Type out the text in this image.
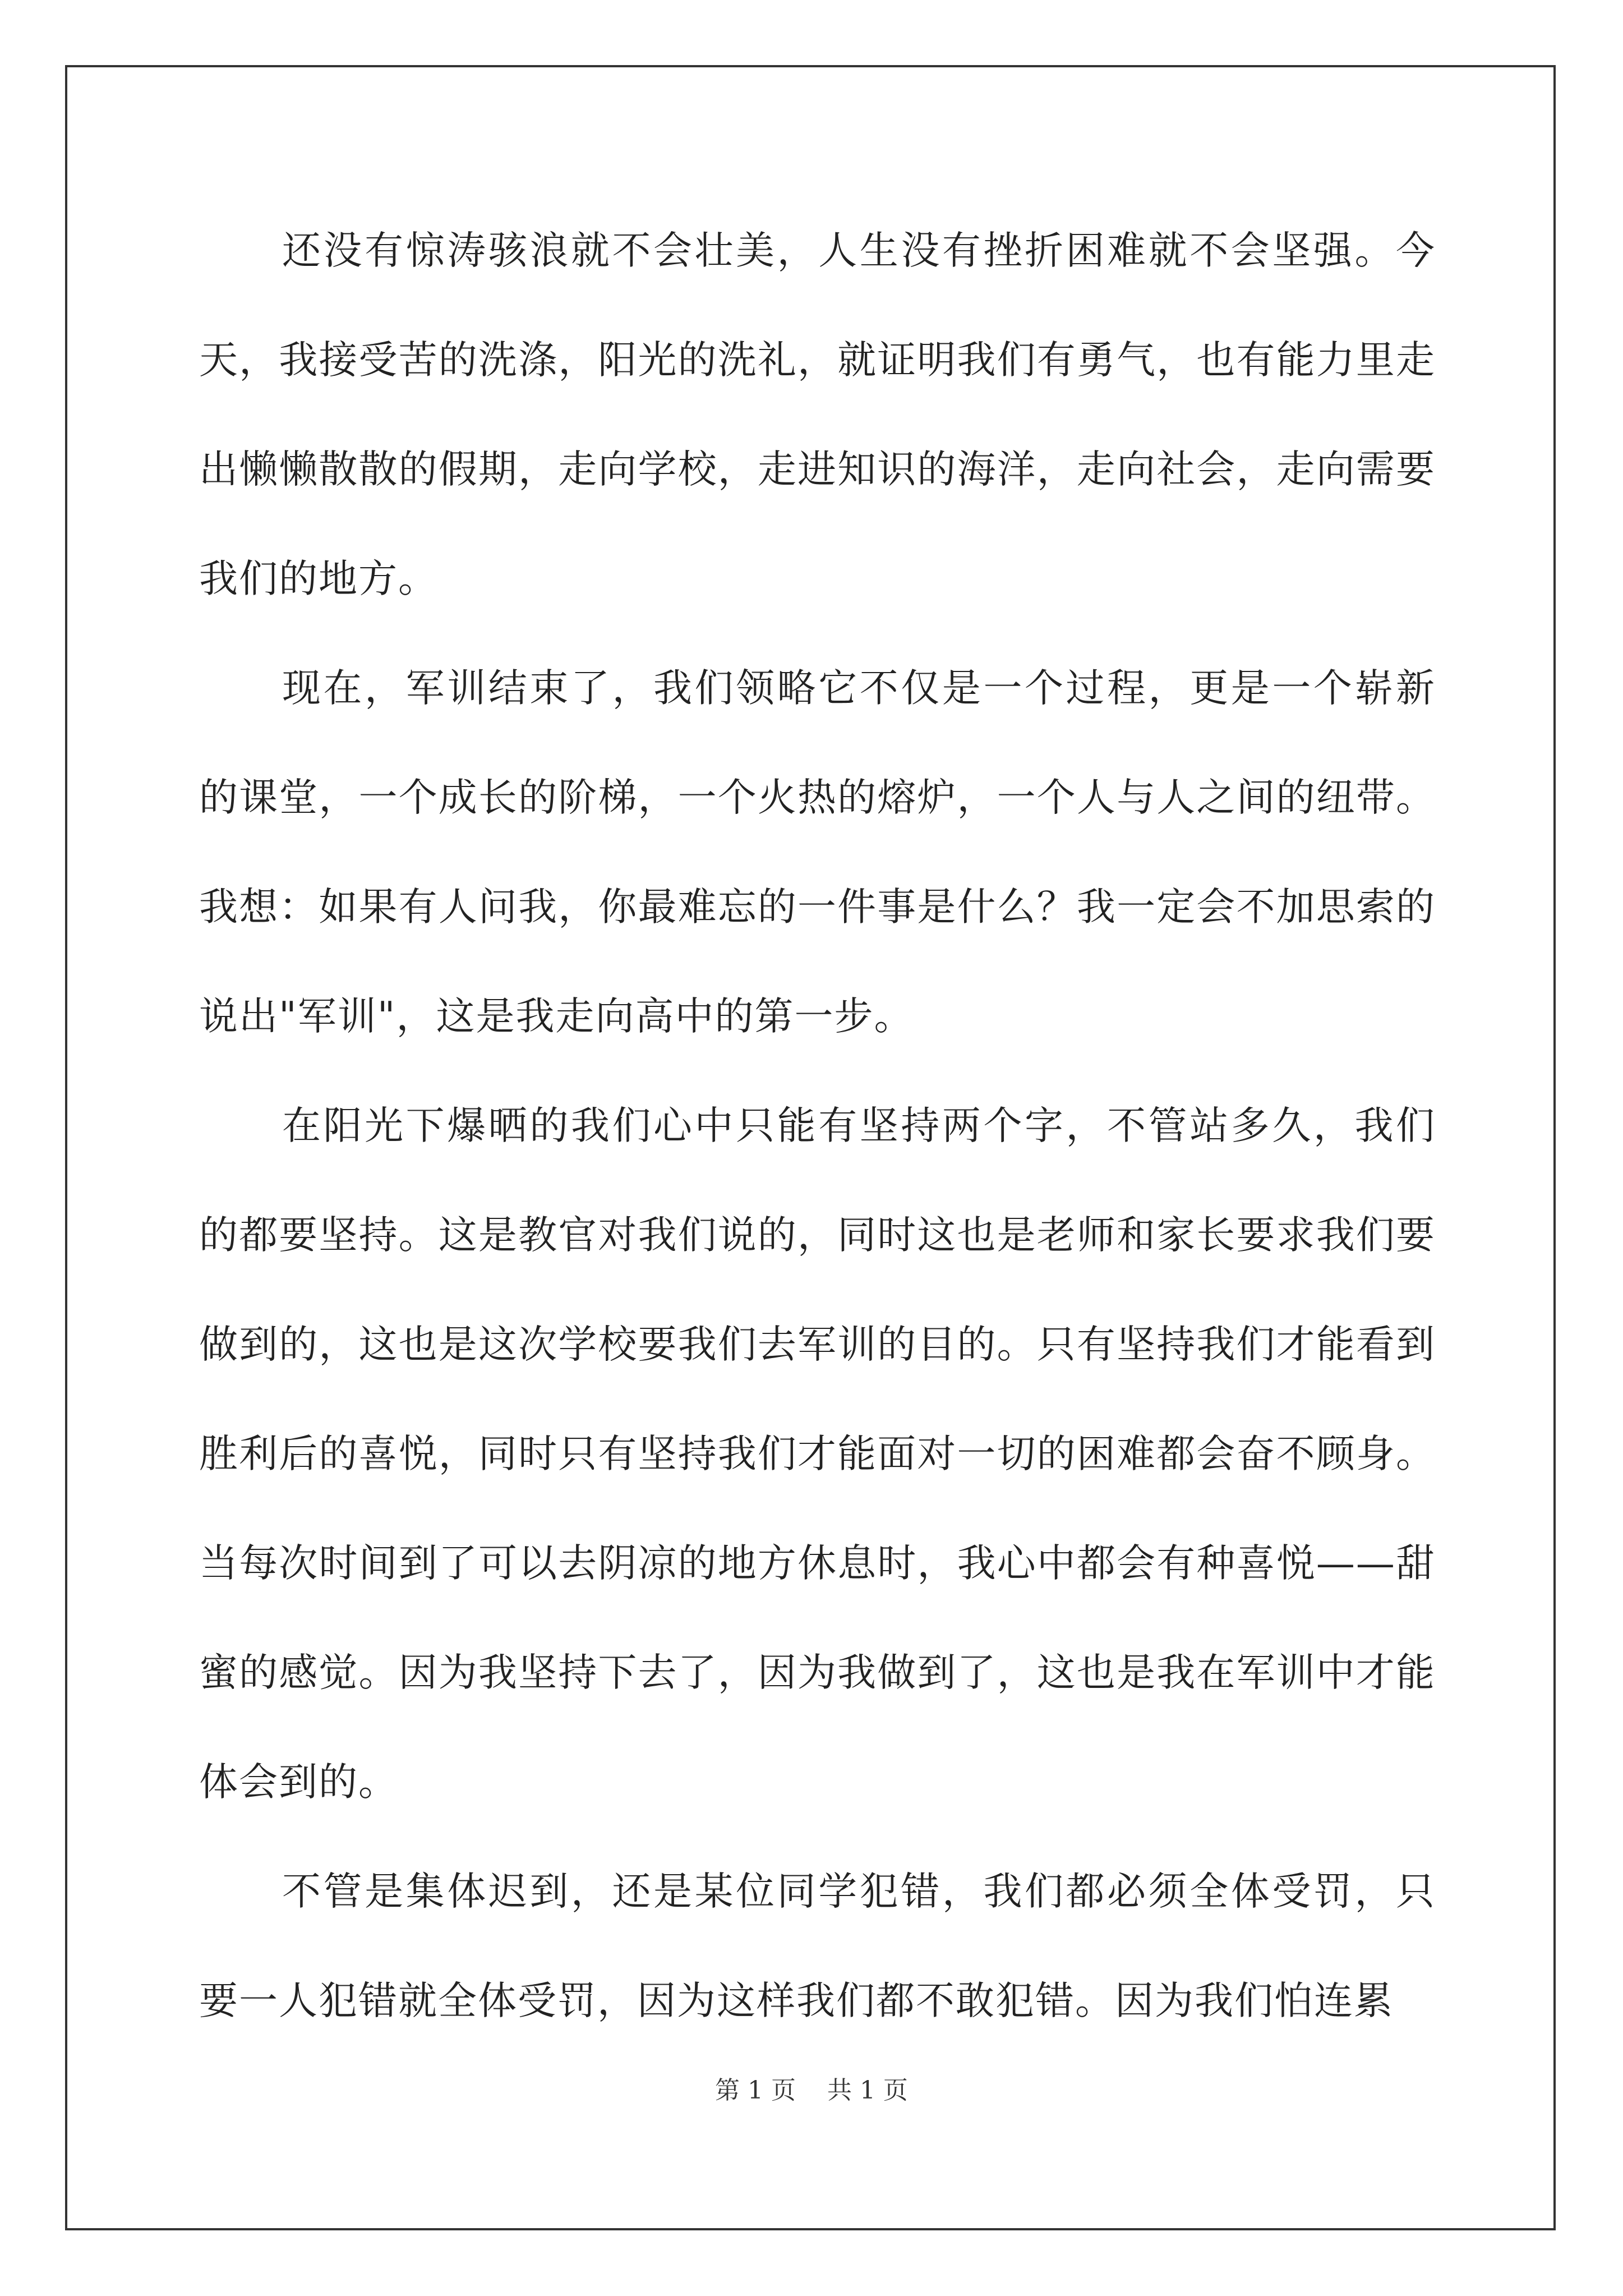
还没有惊涛骇浪就不会壮美，人生没有挫折困难就不会坚强。今天，我接受苦的洗涤，阳光的洗礼，就证明我们有勇气，也有能力里走出懒懒散散的假期，走向学校，走进知识的海洋，走向社会，走向需要我们的地方。

现在，军训结束了，我们领略它不仅是一个过程，更是一个崭新的课堂，一个成长的阶梯，一个火热的熔炉，一个人与人之间的纽带。我想：如果有人问我，你最难忘的一件事是什么？我一定会不加思索的说出"军训"，这是我走向高中的第一步。

在阳光下爆晒的我们心中只能有坚持两个字，不管站多久，我们的都要坚持。这是教官对我们说的，同时这也是老师和家长要求我们要做到的，这也是这次学校要我们去军训的目的。只有坚持我们才能看到胜利后的喜悦，同时只有坚持我们才能面对一切的困难都会奋不顾身。当每次时间到了可以去阴凉的地方休息时，我心中都会有种喜悦——甜蜜的感觉。因为我坚持下去了，因为我做到了，这也是我在军训中才能体会到的。

不管是集体迟到，还是某位同学犯错，我们都必须全体受罚，只要一人犯错就全体受罚，因为这样我们都不敢犯错。因为我们怕连累

第 1 页    共 1 页
